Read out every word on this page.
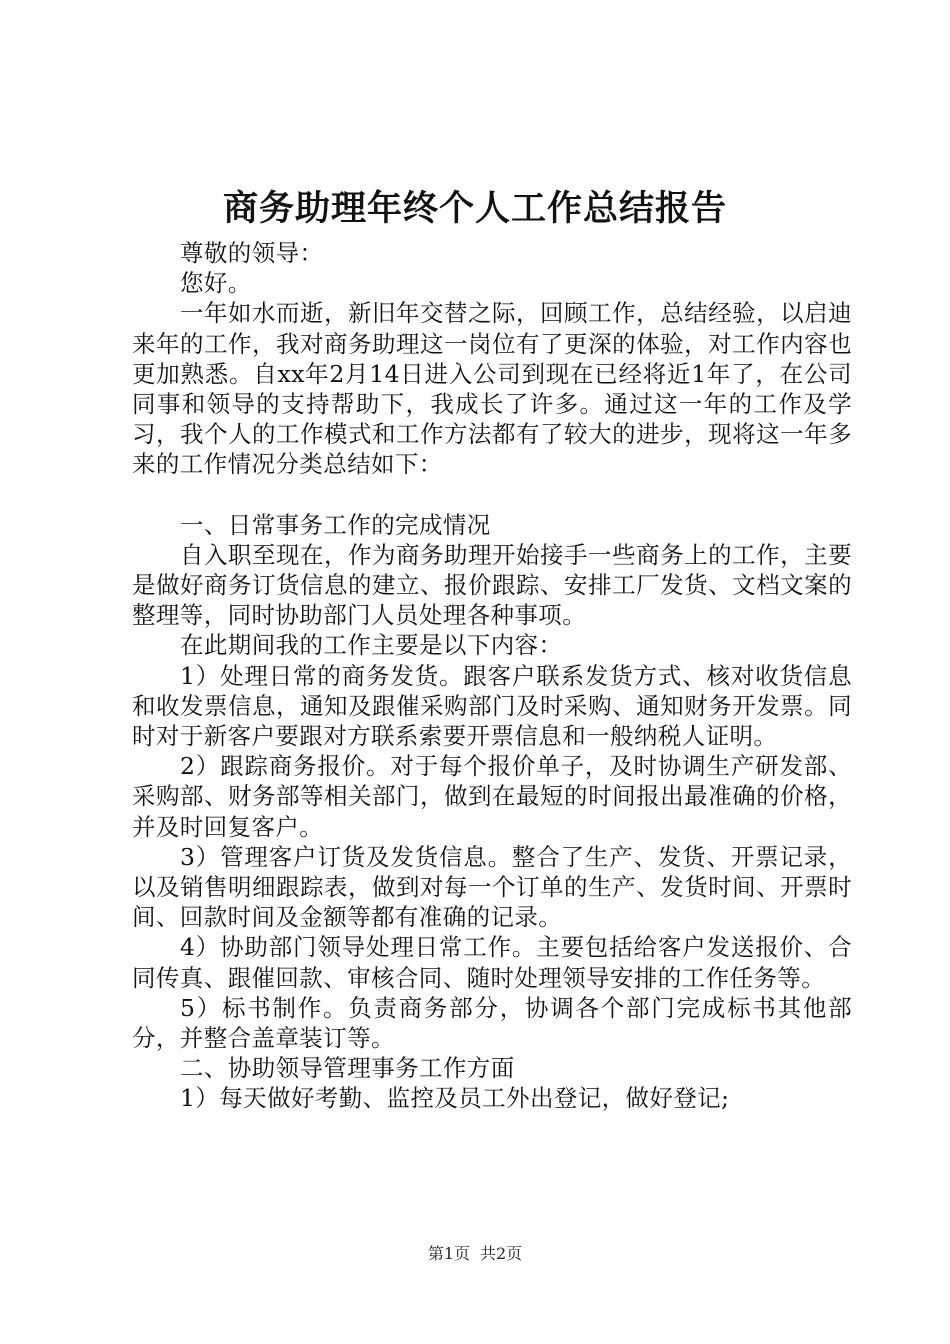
商务助理年终个人工作总结报告

尊敬的领导：

您好。

一年如水而逝，新旧年交替之际，回顾工作，总结经验，以启迪来年的工作，我对商务助理这一岗位有了更深的体验，对工作内容也更加熟悉。自xx年2月14日进入公司到现在已经将近1年了，在公司同事和领导的支持帮助下，我成长了许多。通过这一年的工作及学习，我个人的工作模式和工作方法都有了较大的进步，现将这一年多来的工作情况分类总结如下：

一、日常事务工作的完成情况

自入职至现在，作为商务助理开始接手一些商务上的工作，主要是做好商务订货信息的建立、报价跟踪、安排工厂发货、文档文案的整理等，同时协助部门人员处理各种事项。

在此期间我的工作主要是以下内容：

1）处理日常的商务发货。跟客户联系发货方式、核对收货信息和收发票信息，通知及跟催采购部门及时采购、通知财务开发票。同时对于新客户要跟对方联系索要开票信息和一般纳税人证明。

2）跟踪商务报价。对于每个报价单子，及时协调生产研发部、采购部、财务部等相关部门，做到在最短的时间报出最准确的价格，并及时回复客户。

3）管理客户订货及发货信息。整合了生产、发货、开票记录，以及销售明细跟踪表，做到对每一个订单的生产、发货时间、开票时间、回款时间及金额等都有准确的记录。

4）协助部门领导处理日常工作。主要包括给客户发送报价、合同传真、跟催回款、审核合同、随时处理领导安排的工作任务等。

5）标书制作。负责商务部分，协调各个部门完成标书其他部分，并整合盖章装订等。

二、协助领导管理事务工作方面

1）每天做好考勤、监控及员工外出登记，做好登记;

第1页 共2页
